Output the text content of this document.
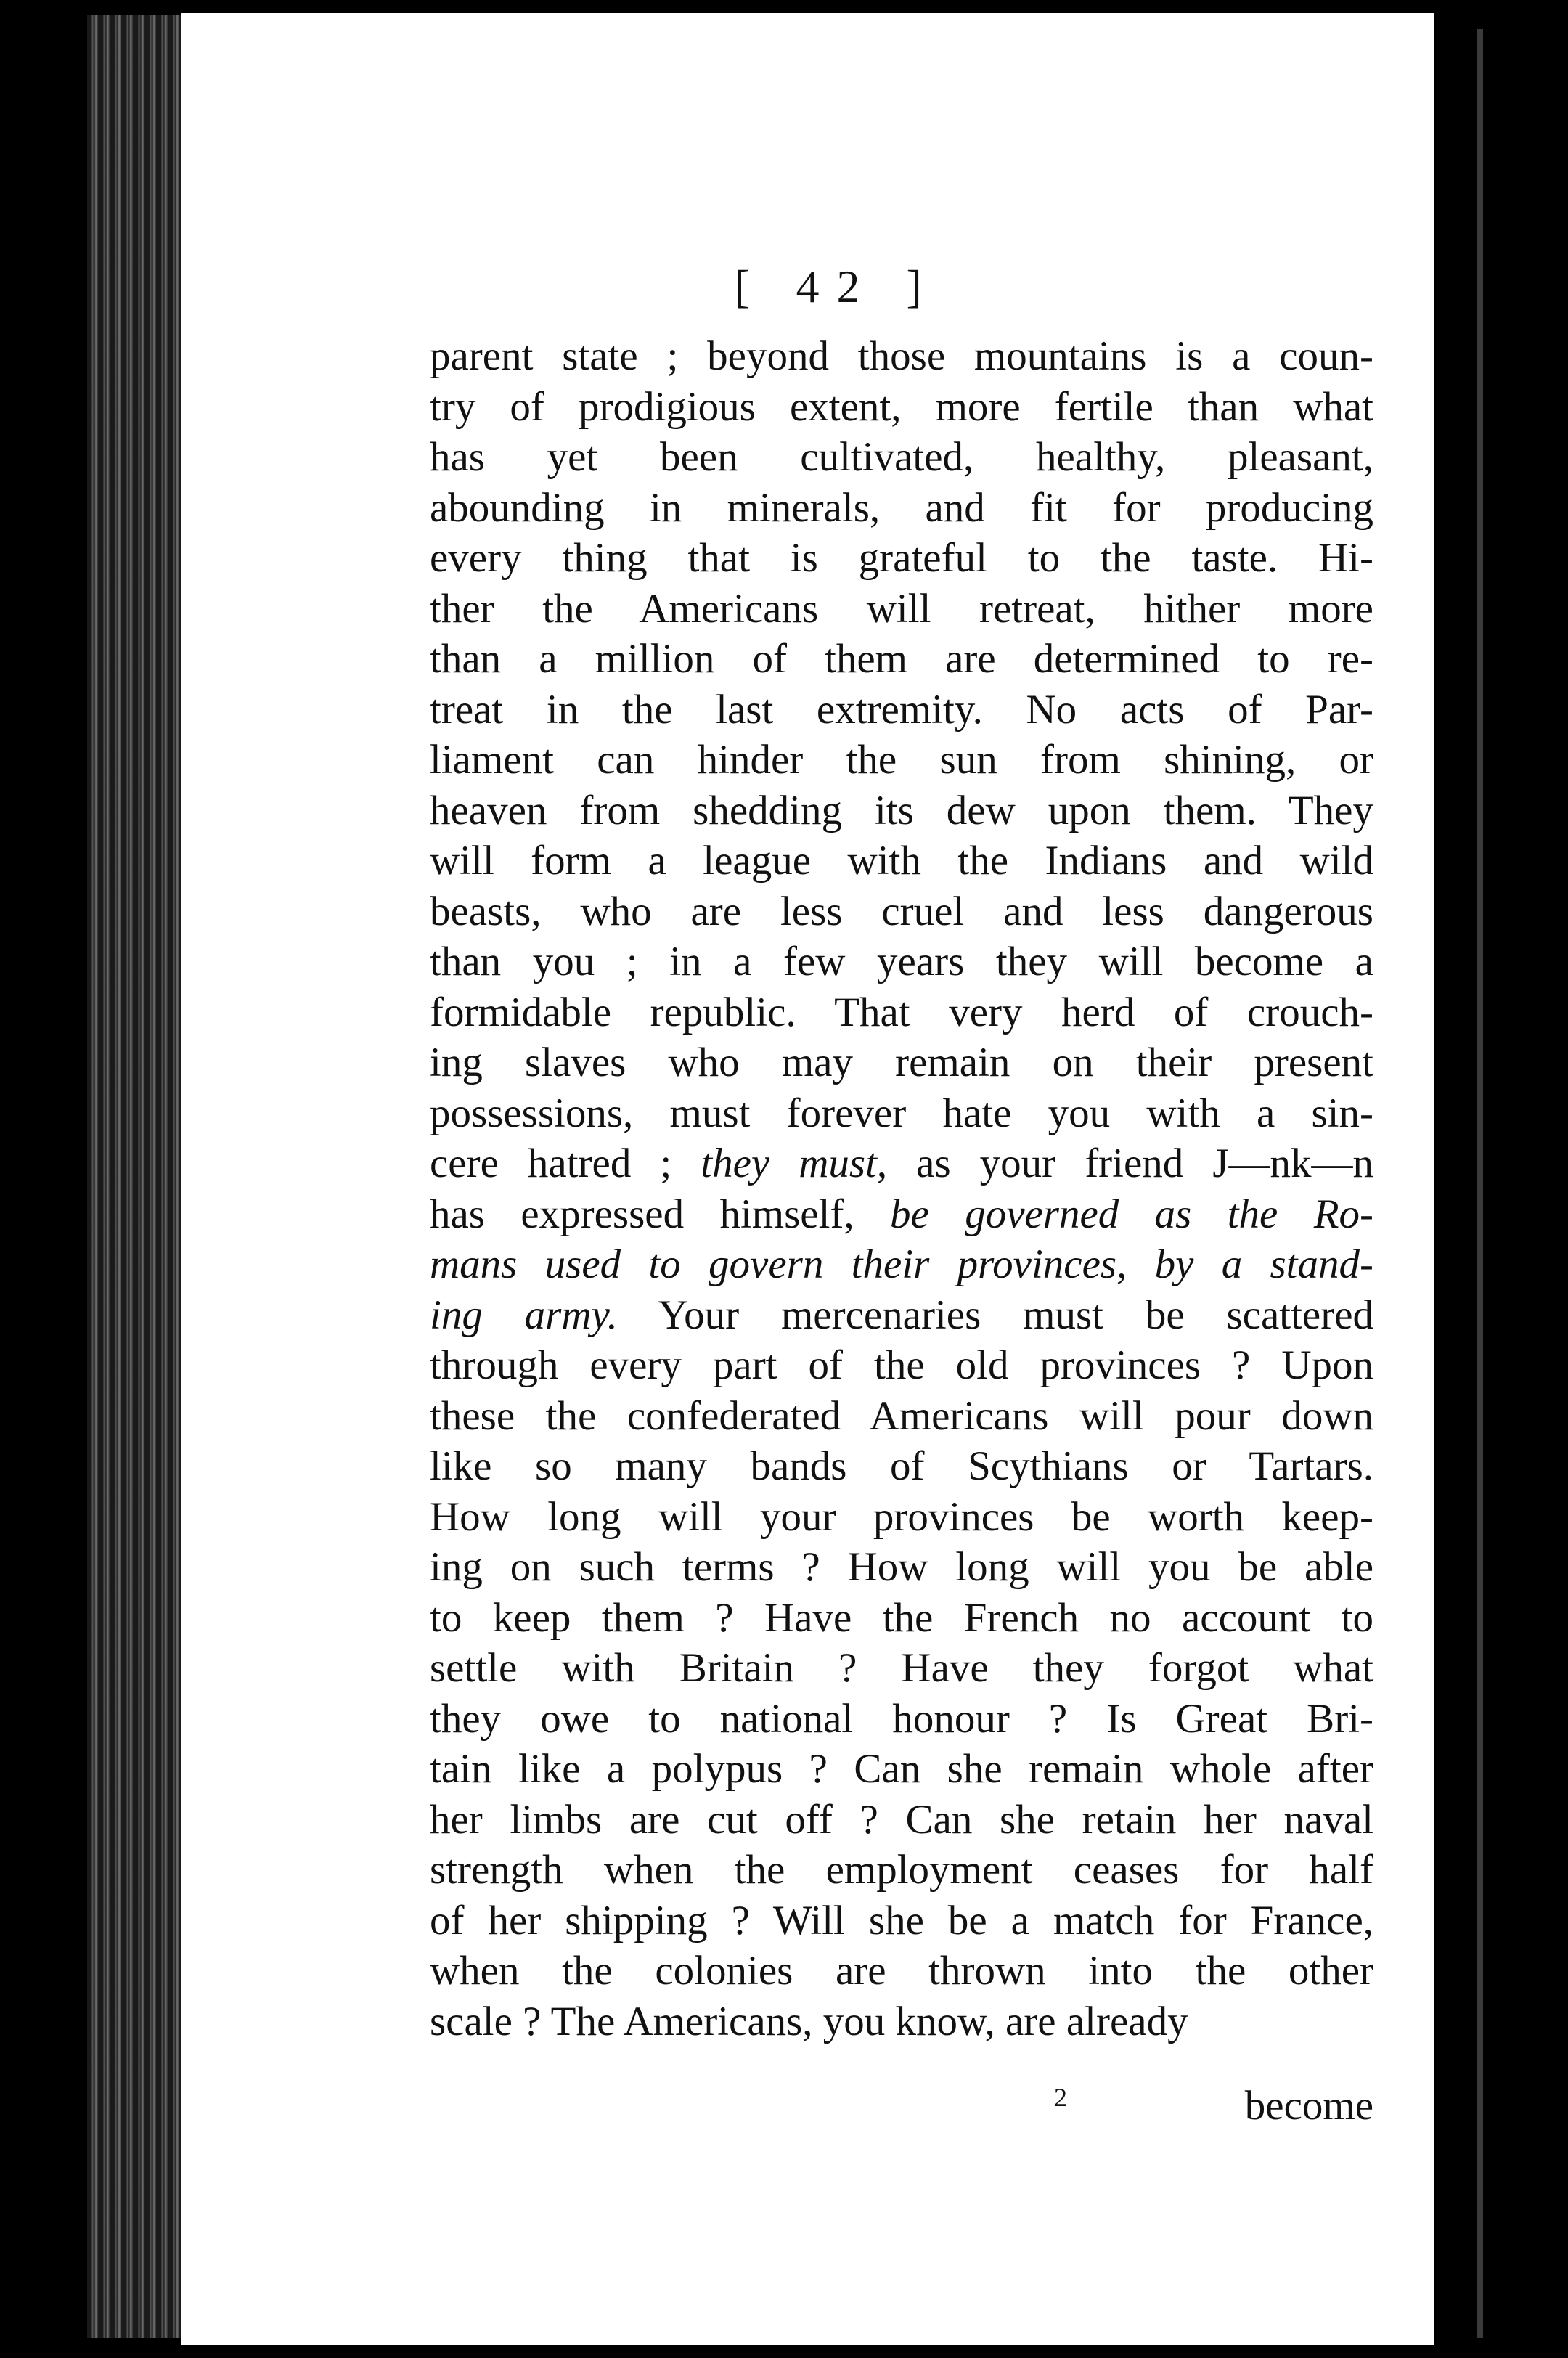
[ 42 ]
parent state ; beyond those mountains is a coun-
try of prodigious extent, more fertile than what
has yet been cultivated, healthy, pleasant,
abounding in minerals, and fit for producing
every thing that is grateful to the taste. Hi-
ther the Americans will retreat, hither more
than a million of them are determined to re-
treat in the last extremity. No acts of Par-
liament can hinder the sun from shining, or
heaven from shedding its dew upon them. They
will form a league with the Indians and wild
beasts, who are less cruel and less dangerous
than you ; in a few years they will become a
formidable republic. That very herd of crouch-
ing slaves who may remain on their present
possessions, must forever hate you with a sin-
cere hatred ; they must, as your friend J—nk—n
has expressed himself, be governed as the Ro-
mans used to govern their provinces, by a stand-
ing army. Your mercenaries must be scattered
through every part of the old provinces ? Upon
these the confederated Americans will pour down
like so many bands of Scythians or Tartars.
How long will your provinces be worth keep-
ing on such terms ? How long will you be able
to keep them ? Have the French no account to
settle with Britain ? Have they forgot what
they owe to national honour ? Is Great Bri-
tain like a polypus ? Can she remain whole after
her limbs are cut off ? Can she retain her naval
strength when the employment ceases for half
of her shipping ? Will she be a match for France,
when the colonies are thrown into the other
scale ? The Americans, you know, are already
2	become
